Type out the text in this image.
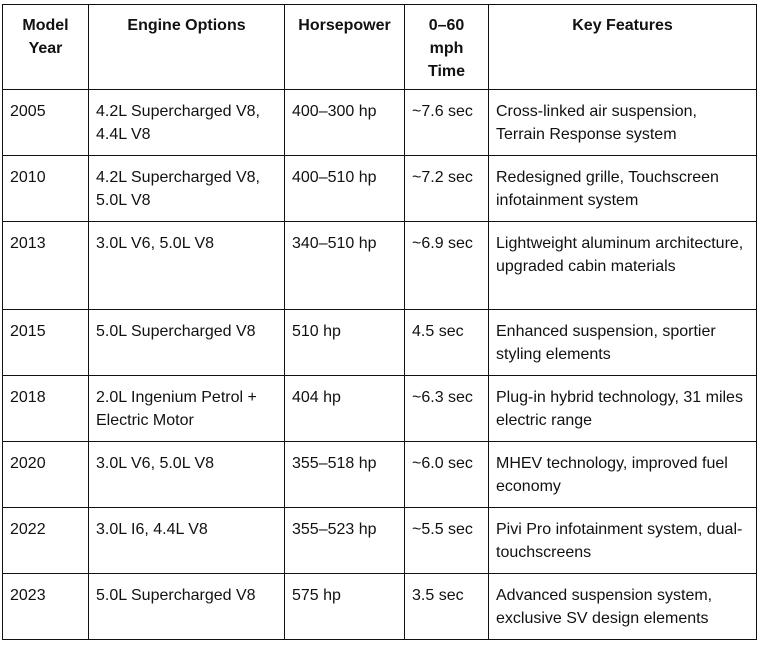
Model Year	Engine Options	Horsepower	0–60 mph Time	Key Features
2005	4.2L Supercharged V8, 4.4L V8	400–300 hp	~7.6 sec	Cross-linked air suspension, Terrain Response system
2010	4.2L Supercharged V8, 5.0L V8	400–510 hp	~7.2 sec	Redesigned grille, Touchscreen infotainment system
2013	3.0L V6, 5.0L V8	340–510 hp	~6.9 sec	Lightweight aluminum architecture, upgraded cabin materials
2015	5.0L Supercharged V8	510 hp	4.5 sec	Enhanced suspension, sportier styling elements
2018	2.0L Ingenium Petrol + Electric Motor	404 hp	~6.3 sec	Plug-in hybrid technology, 31 miles electric range
2020	3.0L V6, 5.0L V8	355–518 hp	~6.0 sec	MHEV technology, improved fuel economy
2022	3.0L I6, 4.4L V8	355–523 hp	~5.5 sec	Pivi Pro infotainment system, dual-touchscreens
2023	5.0L Supercharged V8	575 hp	3.5 sec	Advanced suspension system, exclusive SV design elements
